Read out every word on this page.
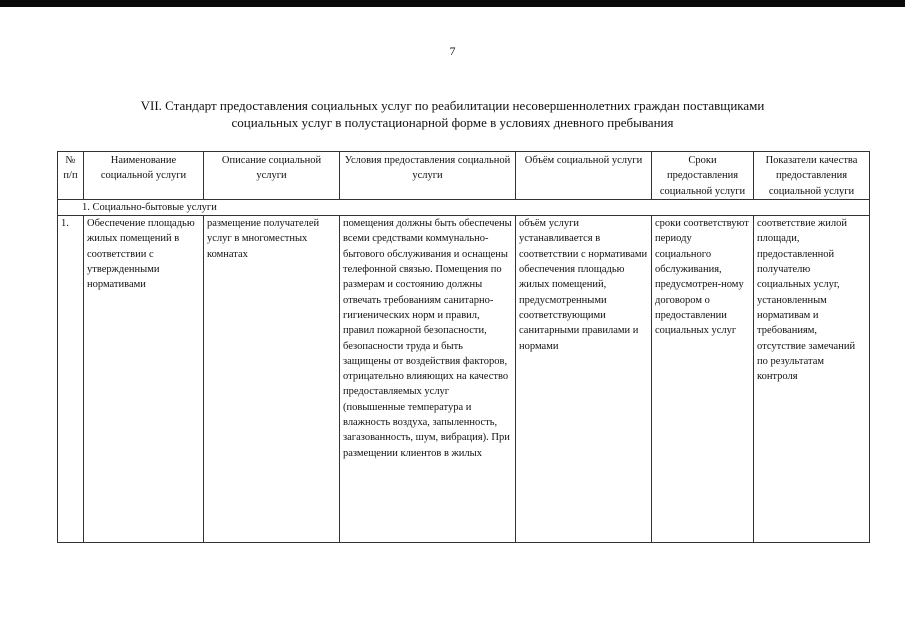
7
VII. Стандарт предоставления социальных услуг по реабилитации несовершеннолетних граждан поставщиками
социальных услуг в полустационарной форме в условиях дневного пребывания
№ п/п	Наименование социальной услуги	Описание социальной услуги	Условия предоставления социальной услуги	Объём социальной услуги	Сроки предоставления социальной услуги	Показатели качества предоставления социальной услуги
1. Социально-бытовые услуги						
1.	Обеспечение площадью жилых помещений в соответствии с утвержденными нормативами	размещение получателей услуг в многоместных комнатах	помещения должны быть обеспечены всеми средствами коммунально-бытового обслуживания и оснащены телефонной связью. Помещения по размерам и состоянию должны отвечать требованиям санитарно-гигиенических норм и правил, правил пожарной безопасности, безопасности труда и быть защищены от воздействия факторов, отрицательно влияющих на качество предоставляемых услуг (повышенные температура и влажность воздуха, запыленность, загазованность, шум, вибрация). При размещении клиентов в жилых	объём услуги устанавливается в соответствии с нормативами обеспечения площадью жилых помещений, предусмотренными соответствующими санитарными правилами и нормами	сроки соответствуют периоду социального обслуживания, предусмотрен-ному договором о предоставлении социальных услуг	соответствие жилой площади, предоставленной получателю социальных услуг, установленным нормативам и требованиям, отсутствие замечаний по результатам контроля
